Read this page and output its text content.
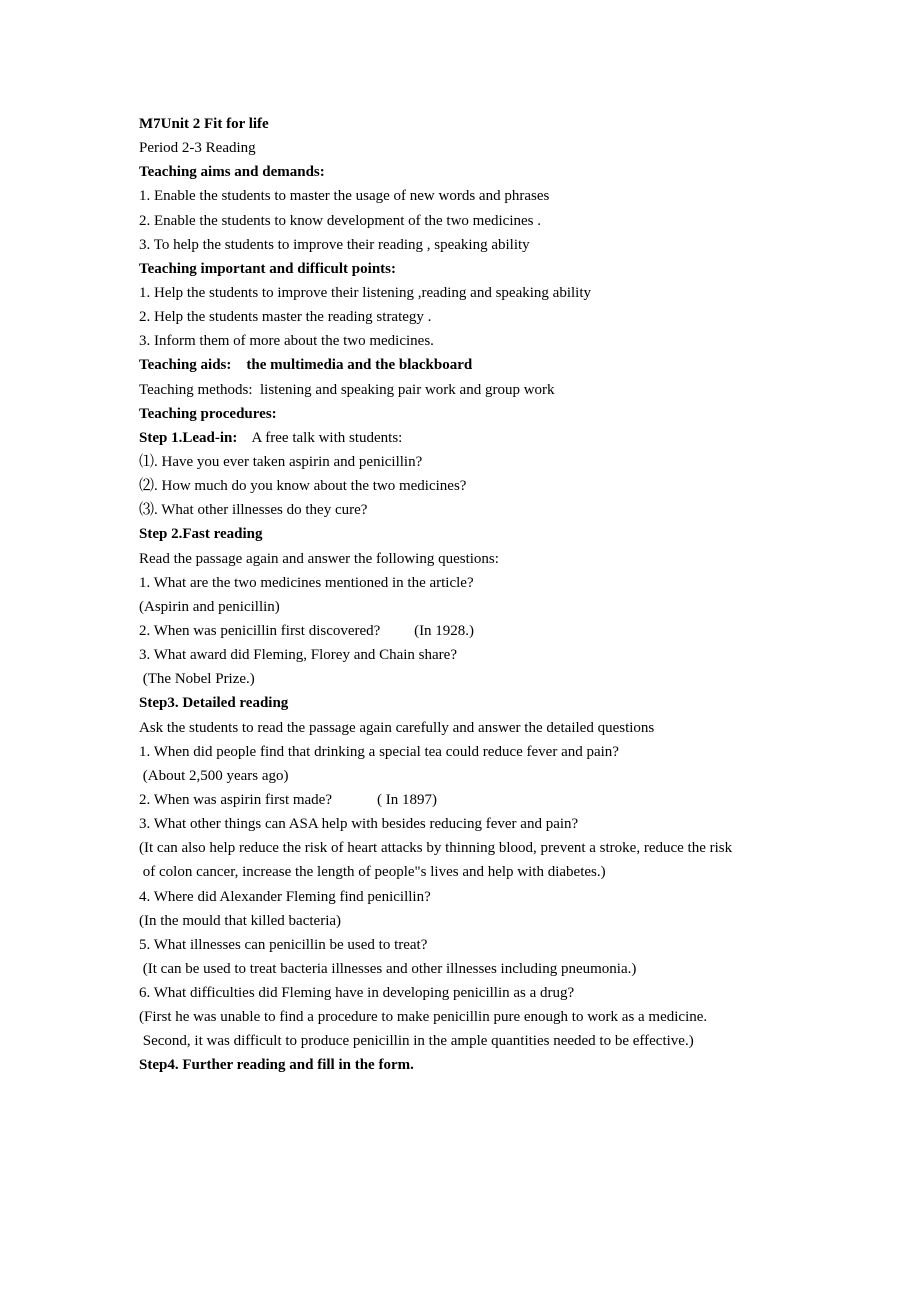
M7Unit 2 Fit for life
Period 2-3 Reading
Teaching aims and demands:
1. Enable the students to master the usage of new words and phrases
2. Enable the students to know development of the two medicines .
3. To help the students to improve their reading , speaking ability
Teaching important and difficult points:
1. Help the students to improve their listening ,reading and speaking ability
2. Help the students master the reading strategy .
3. Inform them of more about the two medicines.
Teaching aids:    the multimedia and the blackboard
Teaching methods:  listening and speaking pair work and group work
Teaching procedures:
Step 1.Lead-in:    A free talk with students:
⑴. Have you ever taken aspirin and penicillin?
⑵. How much do you know about the two medicines?
⑶. What other illnesses do they cure?
Step 2.Fast reading
Read the passage again and answer the following questions:
1. What are the two medicines mentioned in the article?
(Aspirin and penicillin)
2. When was penicillin first discovered?         (In 1928.)
3. What award did Fleming, Florey and Chain share?
(The Nobel Prize.)
Step3. Detailed reading
Ask the students to read the passage again carefully and answer the detailed questions
1. When did people find that drinking a special tea could reduce fever and pain?
(About 2,500 years ago)
2. When was aspirin first made?            ( In 1897)
3. What other things can ASA help with besides reducing fever and pain?
(It can also help reduce the risk of heart attacks by thinning blood, prevent a stroke, reduce the risk
of colon cancer, increase the length of people"s lives and help with diabetes.)
4. Where did Alexander Fleming find penicillin?
(In the mould that killed bacteria)
5. What illnesses can penicillin be used to treat?
(It can be used to treat bacteria illnesses and other illnesses including pneumonia.)
6. What difficulties did Fleming have in developing penicillin as a drug?
(First he was unable to find a procedure to make penicillin pure enough to work as a medicine.
Second, it was difficult to produce penicillin in the ample quantities needed to be effective.)
Step4. Further reading and fill in the form.
